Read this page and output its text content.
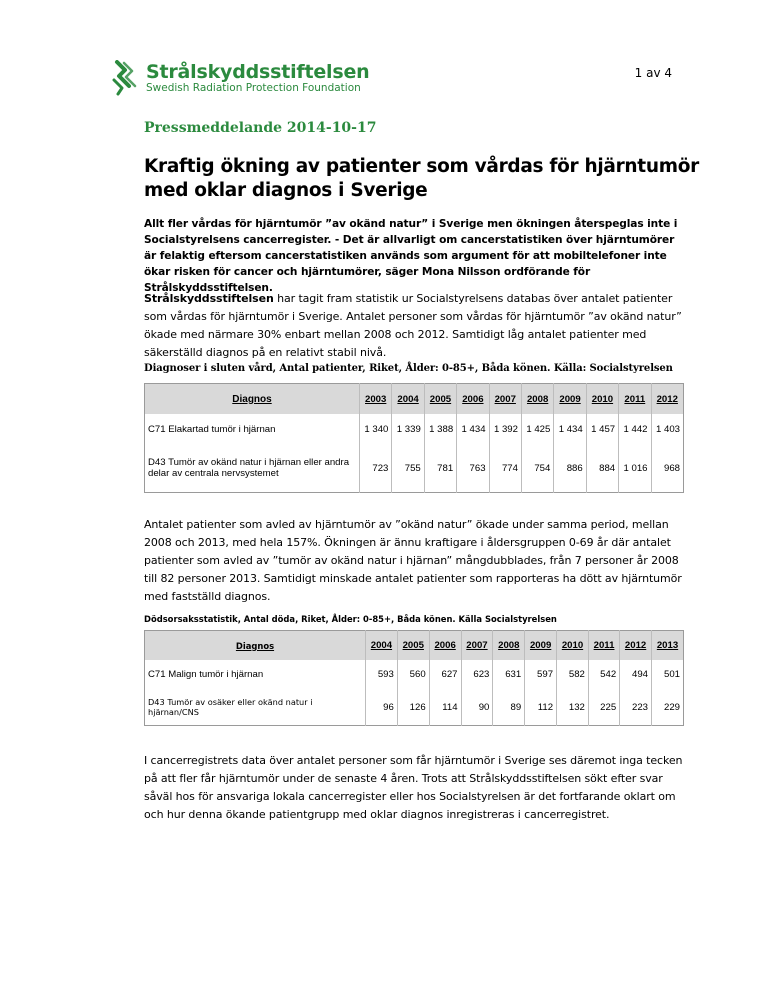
1 av 4
Strålskyddsstiftelsen
Swedish Radiation Protection Foundation
Pressmeddelande 2014-10-17
Kraftig ökning av patienter som vårdas för hjärntumör med oklar diagnos i Sverige
Allt fler vårdas för hjärntumör ”av okänd natur” i Sverige men ökningen återspeglas inte i Socialstyrelsens cancerregister. - Det är allvarligt om cancerstatistiken över hjärntumörer är felaktig eftersom cancerstatistiken används som argument för att mobiltelefoner inte ökar risken för cancer och hjärntumörer, säger Mona Nilsson ordförande för Strålskyddsstiftelsen.
Strålskyddsstiftelsen har tagit fram statistik ur Socialstyrelsens databas över antalet patienter som vårdas för hjärntumör i Sverige. Antalet personer som vårdas för hjärntumör ”av okänd natur” ökade med närmare 30% enbart mellan 2008 och 2012. Samtidigt låg antalet patienter med säkerställd diagnos på en relativt stabil nivå.
Diagnoser i sluten vård, Antal patienter, Riket, Ålder: 0-85+, Båda könen. Källa: Socialstyrelsen
Diagnos	2003	2004	2005	2006	2007	2008	2009	2010	2011	2012
C71 Elakartad tumör i hjärnan	1 340	1 339	1 388	1 434	1 392	1 425	1 434	1 457	1 442	1 403
D43 Tumör av okänd natur i hjärnan eller andra delar av centrala nervsystemet	723	755	781	763	774	754	886	884	1 016	968
Antalet patienter som avled av hjärntumör av ”okänd natur” ökade under samma period, mellan 2008 och 2013, med hela 157%. Ökningen är ännu kraftigare i åldersgruppen 0-69 år där antalet patienter som avled av ”tumör av okänd natur i hjärnan” mångdubblades, från 7 personer år 2008 till 82 personer 2013. Samtidigt minskade antalet patienter som rapporteras ha dött av hjärntumör med fastställd diagnos.
Dödsorsaksstatistik, Antal döda, Riket, Ålder: 0-85+, Båda könen. Källa Socialstyrelsen
Diagnos	2004	2005	2006	2007	2008	2009	2010	2011	2012	2013
C71 Malign tumör i hjärnan	593	560	627	623	631	597	582	542	494	501
D43 Tumör av osäker eller okänd natur i hjärnan/CNS	96	126	114	90	89	112	132	225	223	229
I cancerregistrets data över antalet personer som får hjärntumör i Sverige ses däremot inga tecken på att fler får hjärntumör under de senaste 4 åren. Trots att Strålskyddsstiftelsen sökt efter svar såväl hos för ansvariga lokala cancerregister eller hos Socialstyrelsen är det fortfarande oklart om och hur denna ökande patientgrupp med oklar diagnos inregistreras i cancerregistret.
